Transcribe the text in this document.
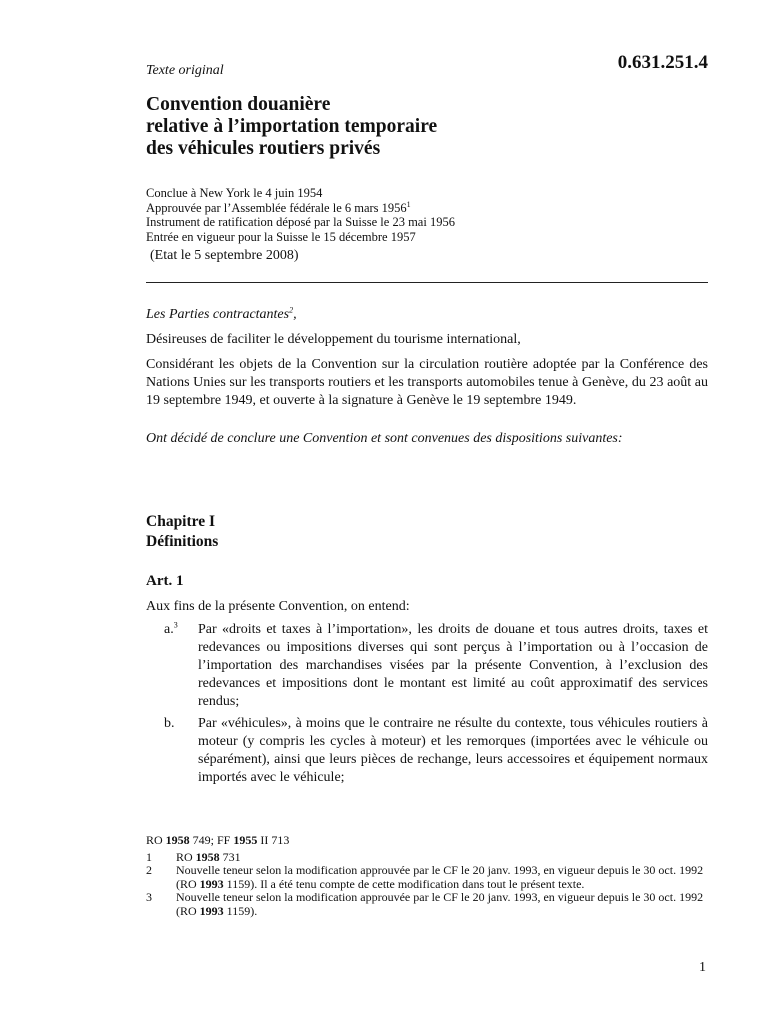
0.631.251.4
Texte original
Convention douanière
relative à l’importation temporaire
des véhicules routiers privés
Conclue à New York le 4 juin 1954
Approuvée par l’Assemblée fédérale le 6 mars 1956$^1$
Instrument de ratification déposé par la Suisse le 23 mai 1956
Entrée en vigueur pour la Suisse le 15 décembre 1957
(Etat le 5 septembre 2008)
Les Parties contractantes$^2$,
Désireuses de faciliter le développement du tourisme international,
Considérant les objets de la Convention sur la circulation routière adoptée par la Conférence des Nations Unies sur les transports routiers et les transports automobiles tenue à Genève, du 23 août au 19 septembre 1949, et ouverte à la signature à Genève le 19 septembre 1949.
Ont décidé de conclure une Convention et sont convenues des dispositions suivantes:
Chapitre I
Définitions
Art. 1
Aux fins de la présente Convention, on entend:
a.$^3$ Par «droits et taxes à l’importation», les droits de douane et tous autres droits, taxes et redevances ou impositions diverses qui sont perçus à l’importation ou à l’occasion de l’importation des marchandises visées par la présente Convention, à l’exclusion des redevances et impositions dont le montant est limité au coût approximatif des services rendus;
b. Par «véhicules», à moins que le contraire ne résulte du contexte, tous véhicules routiers à moteur (y compris les cycles à moteur) et les remorques (importées avec le véhicule ou séparément), ainsi que leurs pièces de rechange, leurs accessoires et équipement normaux importés avec le véhicule;
RO 1958 749; FF 1955 II 713
1 RO 1958 731
2 Nouvelle teneur selon la modification approuvée par le CF le 20 janv. 1993, en vigueur depuis le 30 oct. 1992 (RO 1993 1159). Il a été tenu compte de cette modification dans tout le présent texte.
3 Nouvelle teneur selon la modification approuvée par le CF le 20 janv. 1993, en vigueur depuis le 30 oct. 1992 (RO 1993 1159).
1
